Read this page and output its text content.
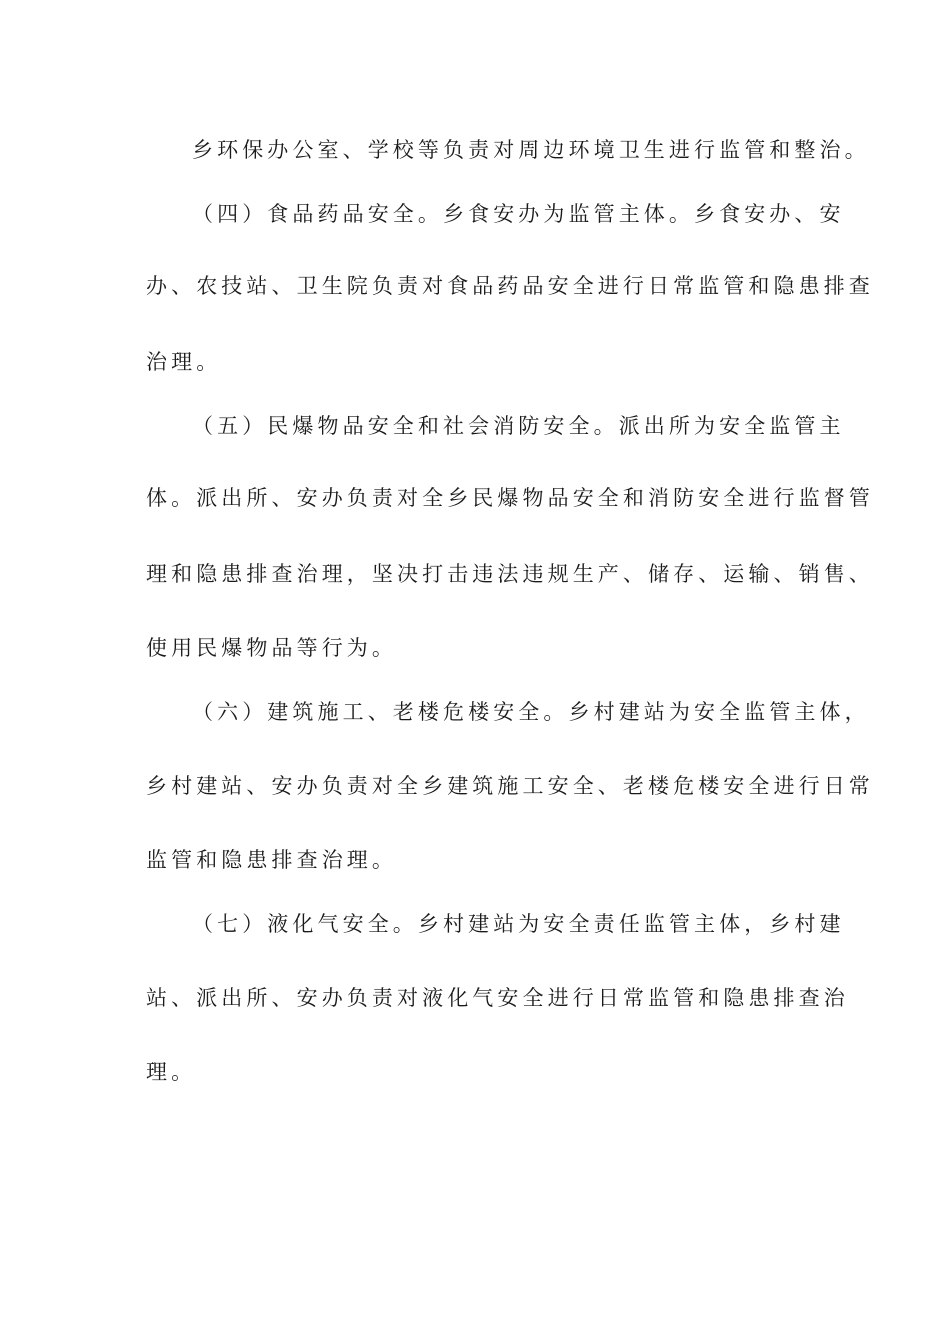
乡环保办公室、学校等负责对周边环境卫生进行监管和整治。
（四）食品药品安全。乡食安办为监管主体。乡食安办、安
办、农技站、卫生院负责对食品药品安全进行日常监管和隐患排查
治理。
（五）民爆物品安全和社会消防安全。派出所为安全监管主
体。派出所、安办负责对全乡民爆物品安全和消防安全进行监督管
理和隐患排查治理，坚决打击违法违规生产、储存、运输、销售、
使用民爆物品等行为。
（六）建筑施工、老楼危楼安全。乡村建站为安全监管主体，
乡村建站、安办负责对全乡建筑施工安全、老楼危楼安全进行日常
监管和隐患排查治理。
（七）液化气安全。乡村建站为安全责任监管主体，乡村建
站、派出所、安办负责对液化气安全进行日常监管和隐患排查治
理。
